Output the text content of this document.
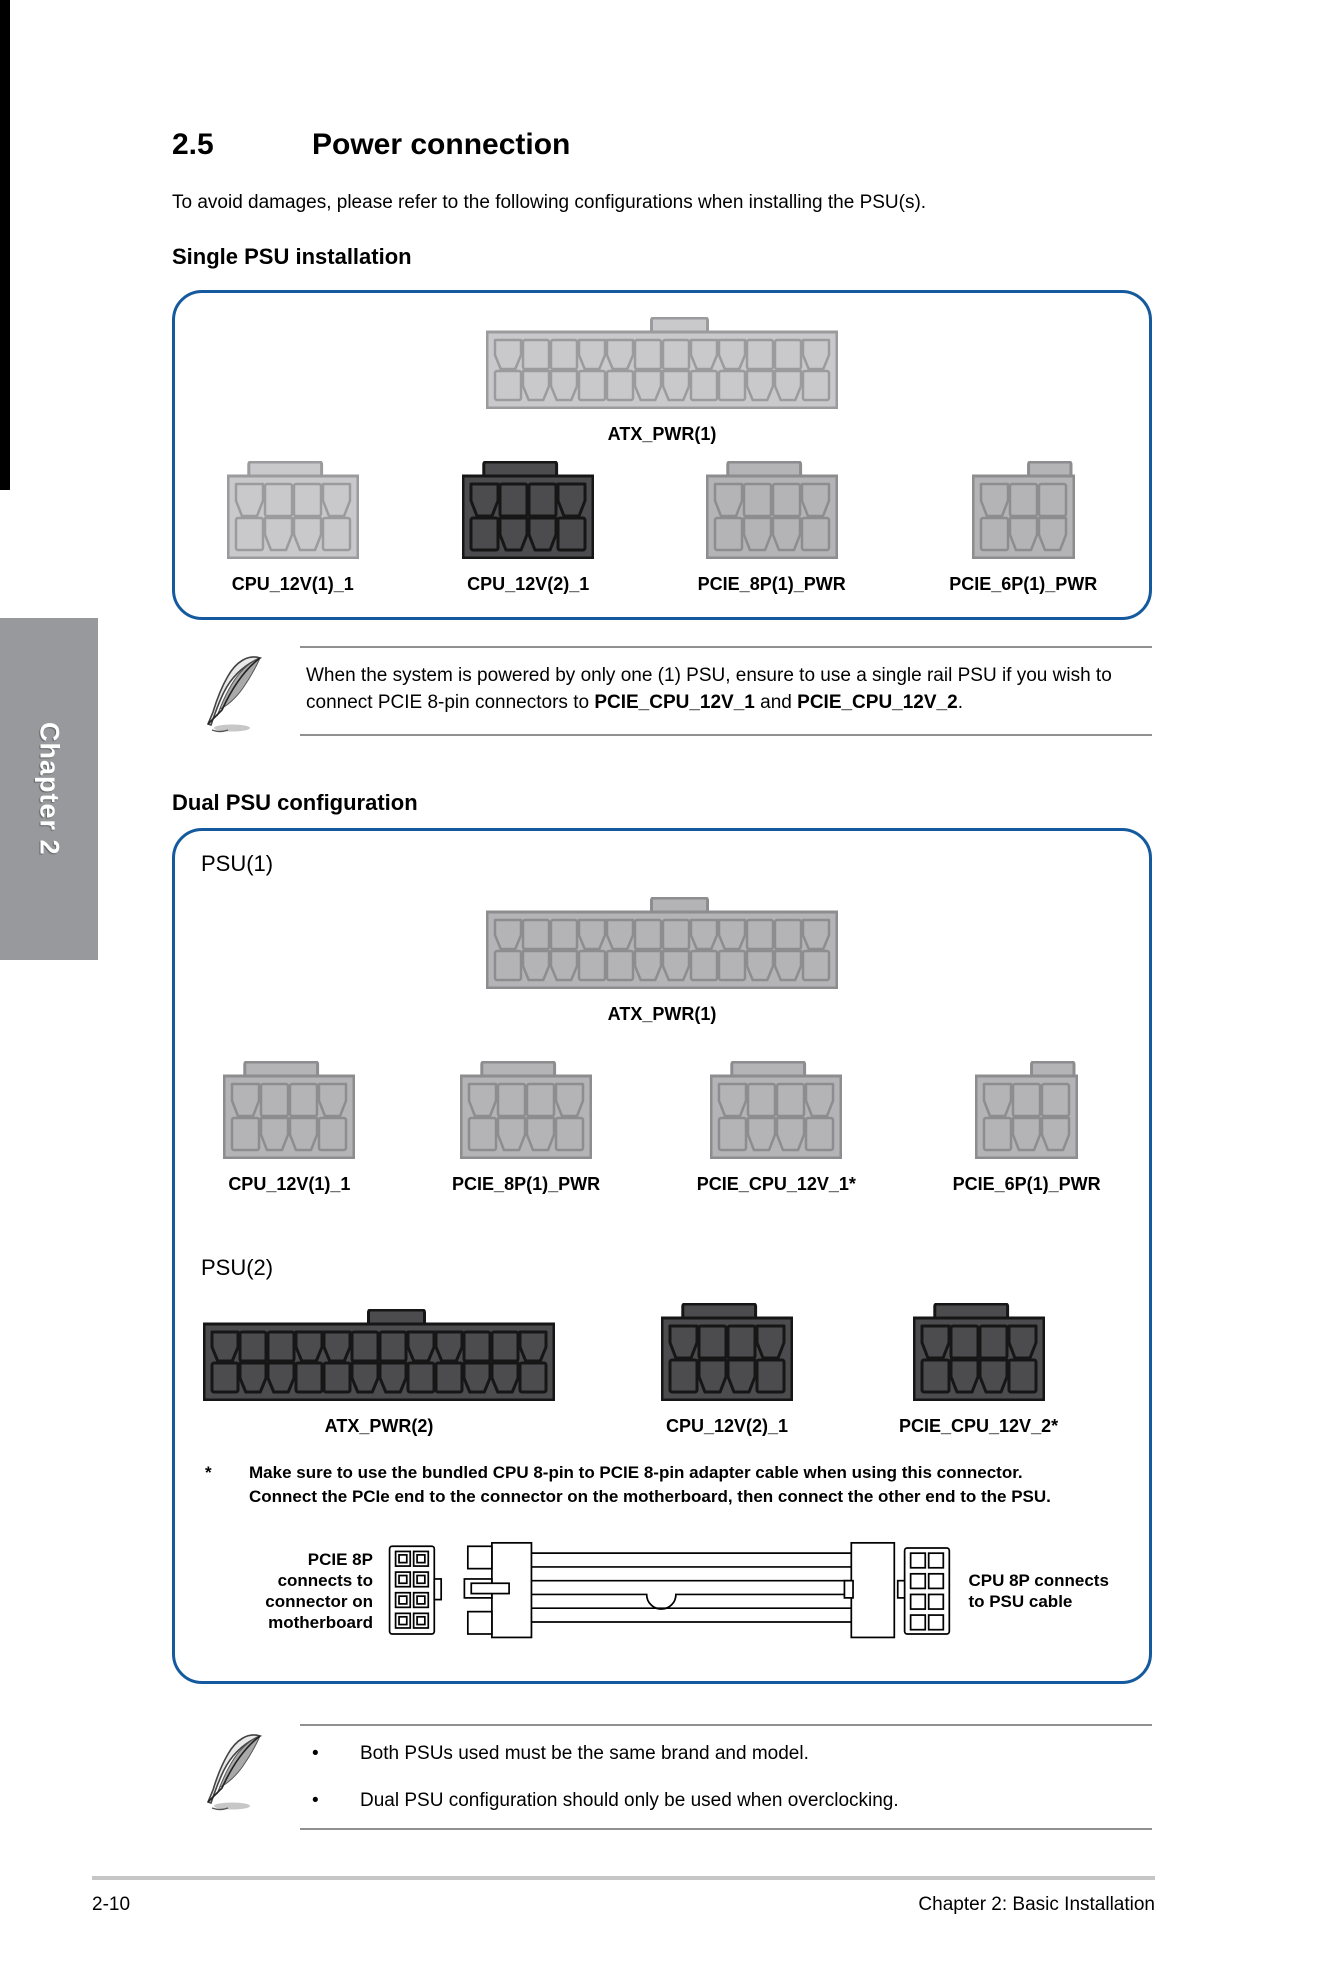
Chapter 2
2.5	Power connection

To avoid damages, please refer to the following configurations when installing the PSU(s).

Single PSU installation
ATX_PWR(1)
CPU_12V(1)_1	CPU_12V(2)_1	PCIE_8P(1)_PWR	PCIE_6P(1)_PWR
When the system is powered by only one (1) PSU, ensure to use a single rail PSU if you wish to connect PCIE 8-pin connectors to PCIE_CPU_12V_1 and PCIE_CPU_12V_2.
Dual PSU configuration
PSU(1)
ATX_PWR(1)
CPU_12V(1)_1	PCIE_8P(1)_PWR	PCIE_CPU_12V_1*	PCIE_6P(1)_PWR
PSU(2)
ATX_PWR(2)	CPU_12V(2)_1	PCIE_CPU_12V_2*
*	Make sure to use the bundled CPU 8-pin to PCIE 8-pin adapter cable when using this connector.
Connect the PCIe end to the connector on the motherboard, then connect the other end to the PSU.
PCIE 8P
connects to
connector on
motherboard
CPU 8P connects
to PSU cable
•	Both PSUs used must be the same brand and model.
•	Dual PSU configuration should only be used when overclocking.
2-10	Chapter 2: Basic Installation
